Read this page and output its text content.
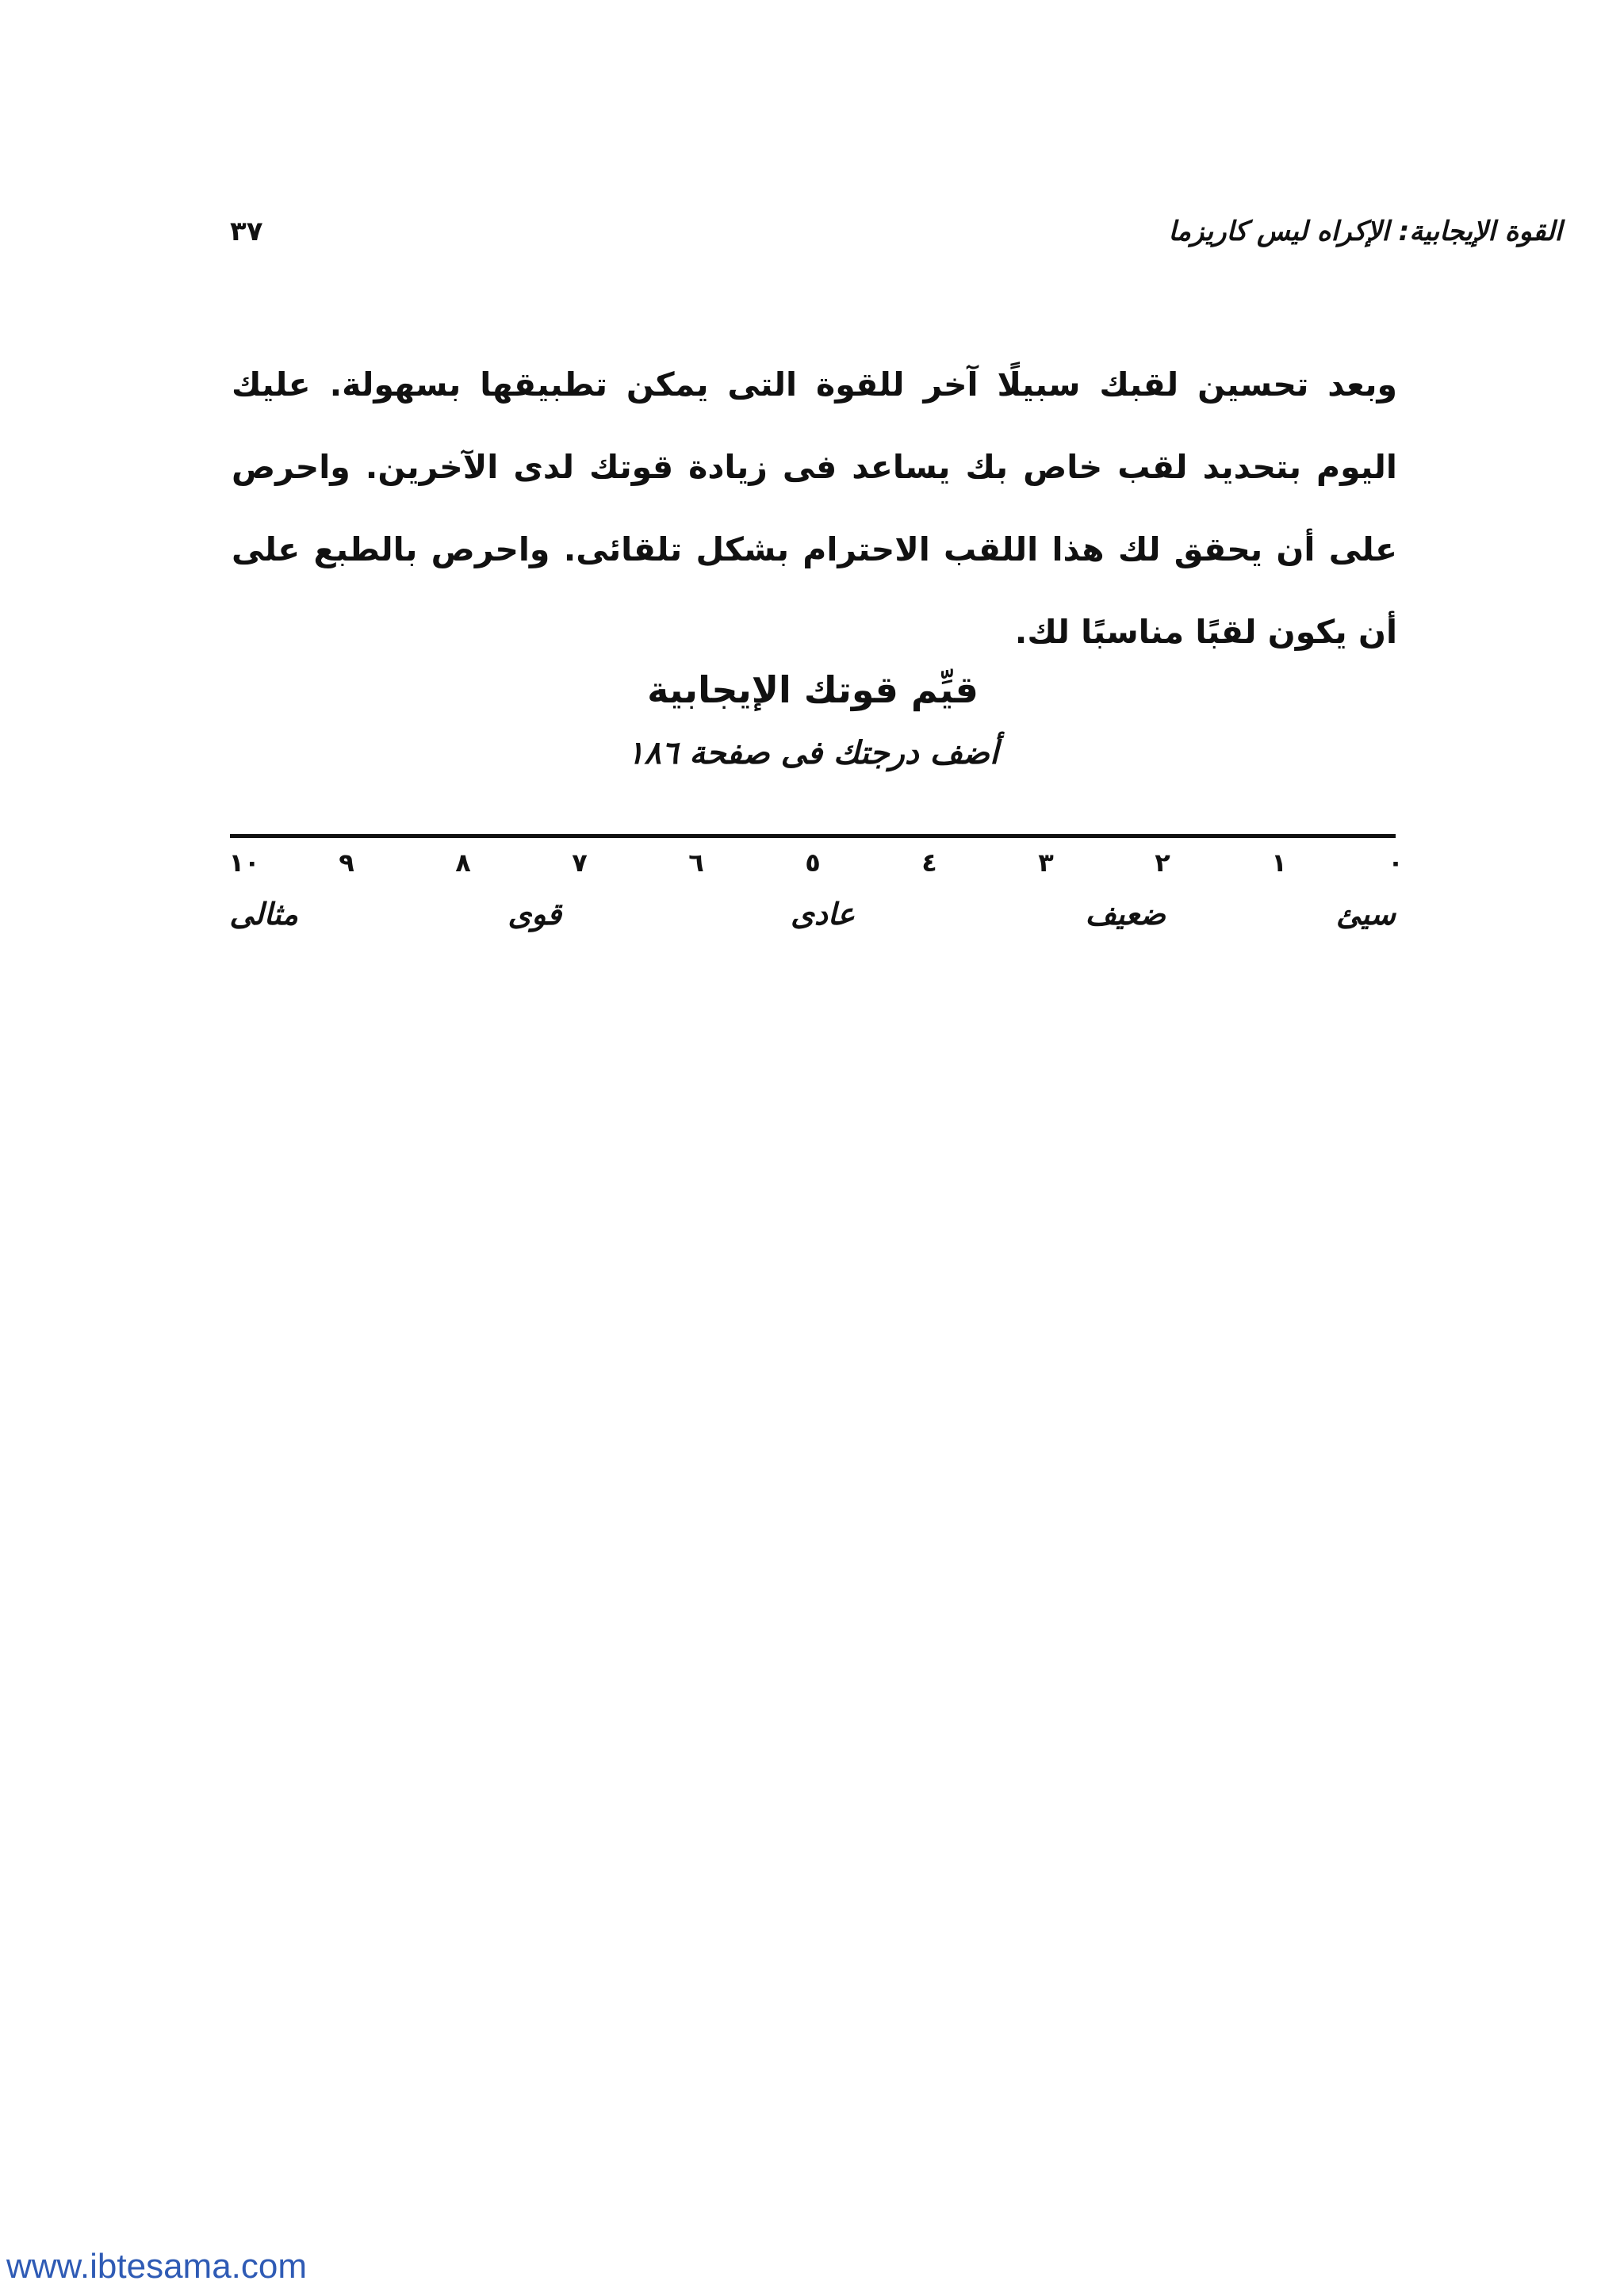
٣٧	القوة الإيجابية: الإكراه ليس كاريزما

وبعد تحسين لقبك سبيلًا آخر للقوة التى يمكن تطبيقها بسهولة. عليك اليوم بتحديد لقب خاص بك يساعد فى زيادة قوتك لدى الآخرين. واحرص على أن يحقق لك هذا اللقب الاحترام بشكل تلقائى. واحرص بالطبع على أن يكون لقبًا مناسبًا لك.

قيِّم قوتك الإيجابية
أضف درجتك فى صفحة ١٨٦
٠
١
٢
٣
٤
٥
٦
٧
٨
٩
١٠
سيئ
ضعيف
عادى
قوى
مثالى
www.ibtesama.com
